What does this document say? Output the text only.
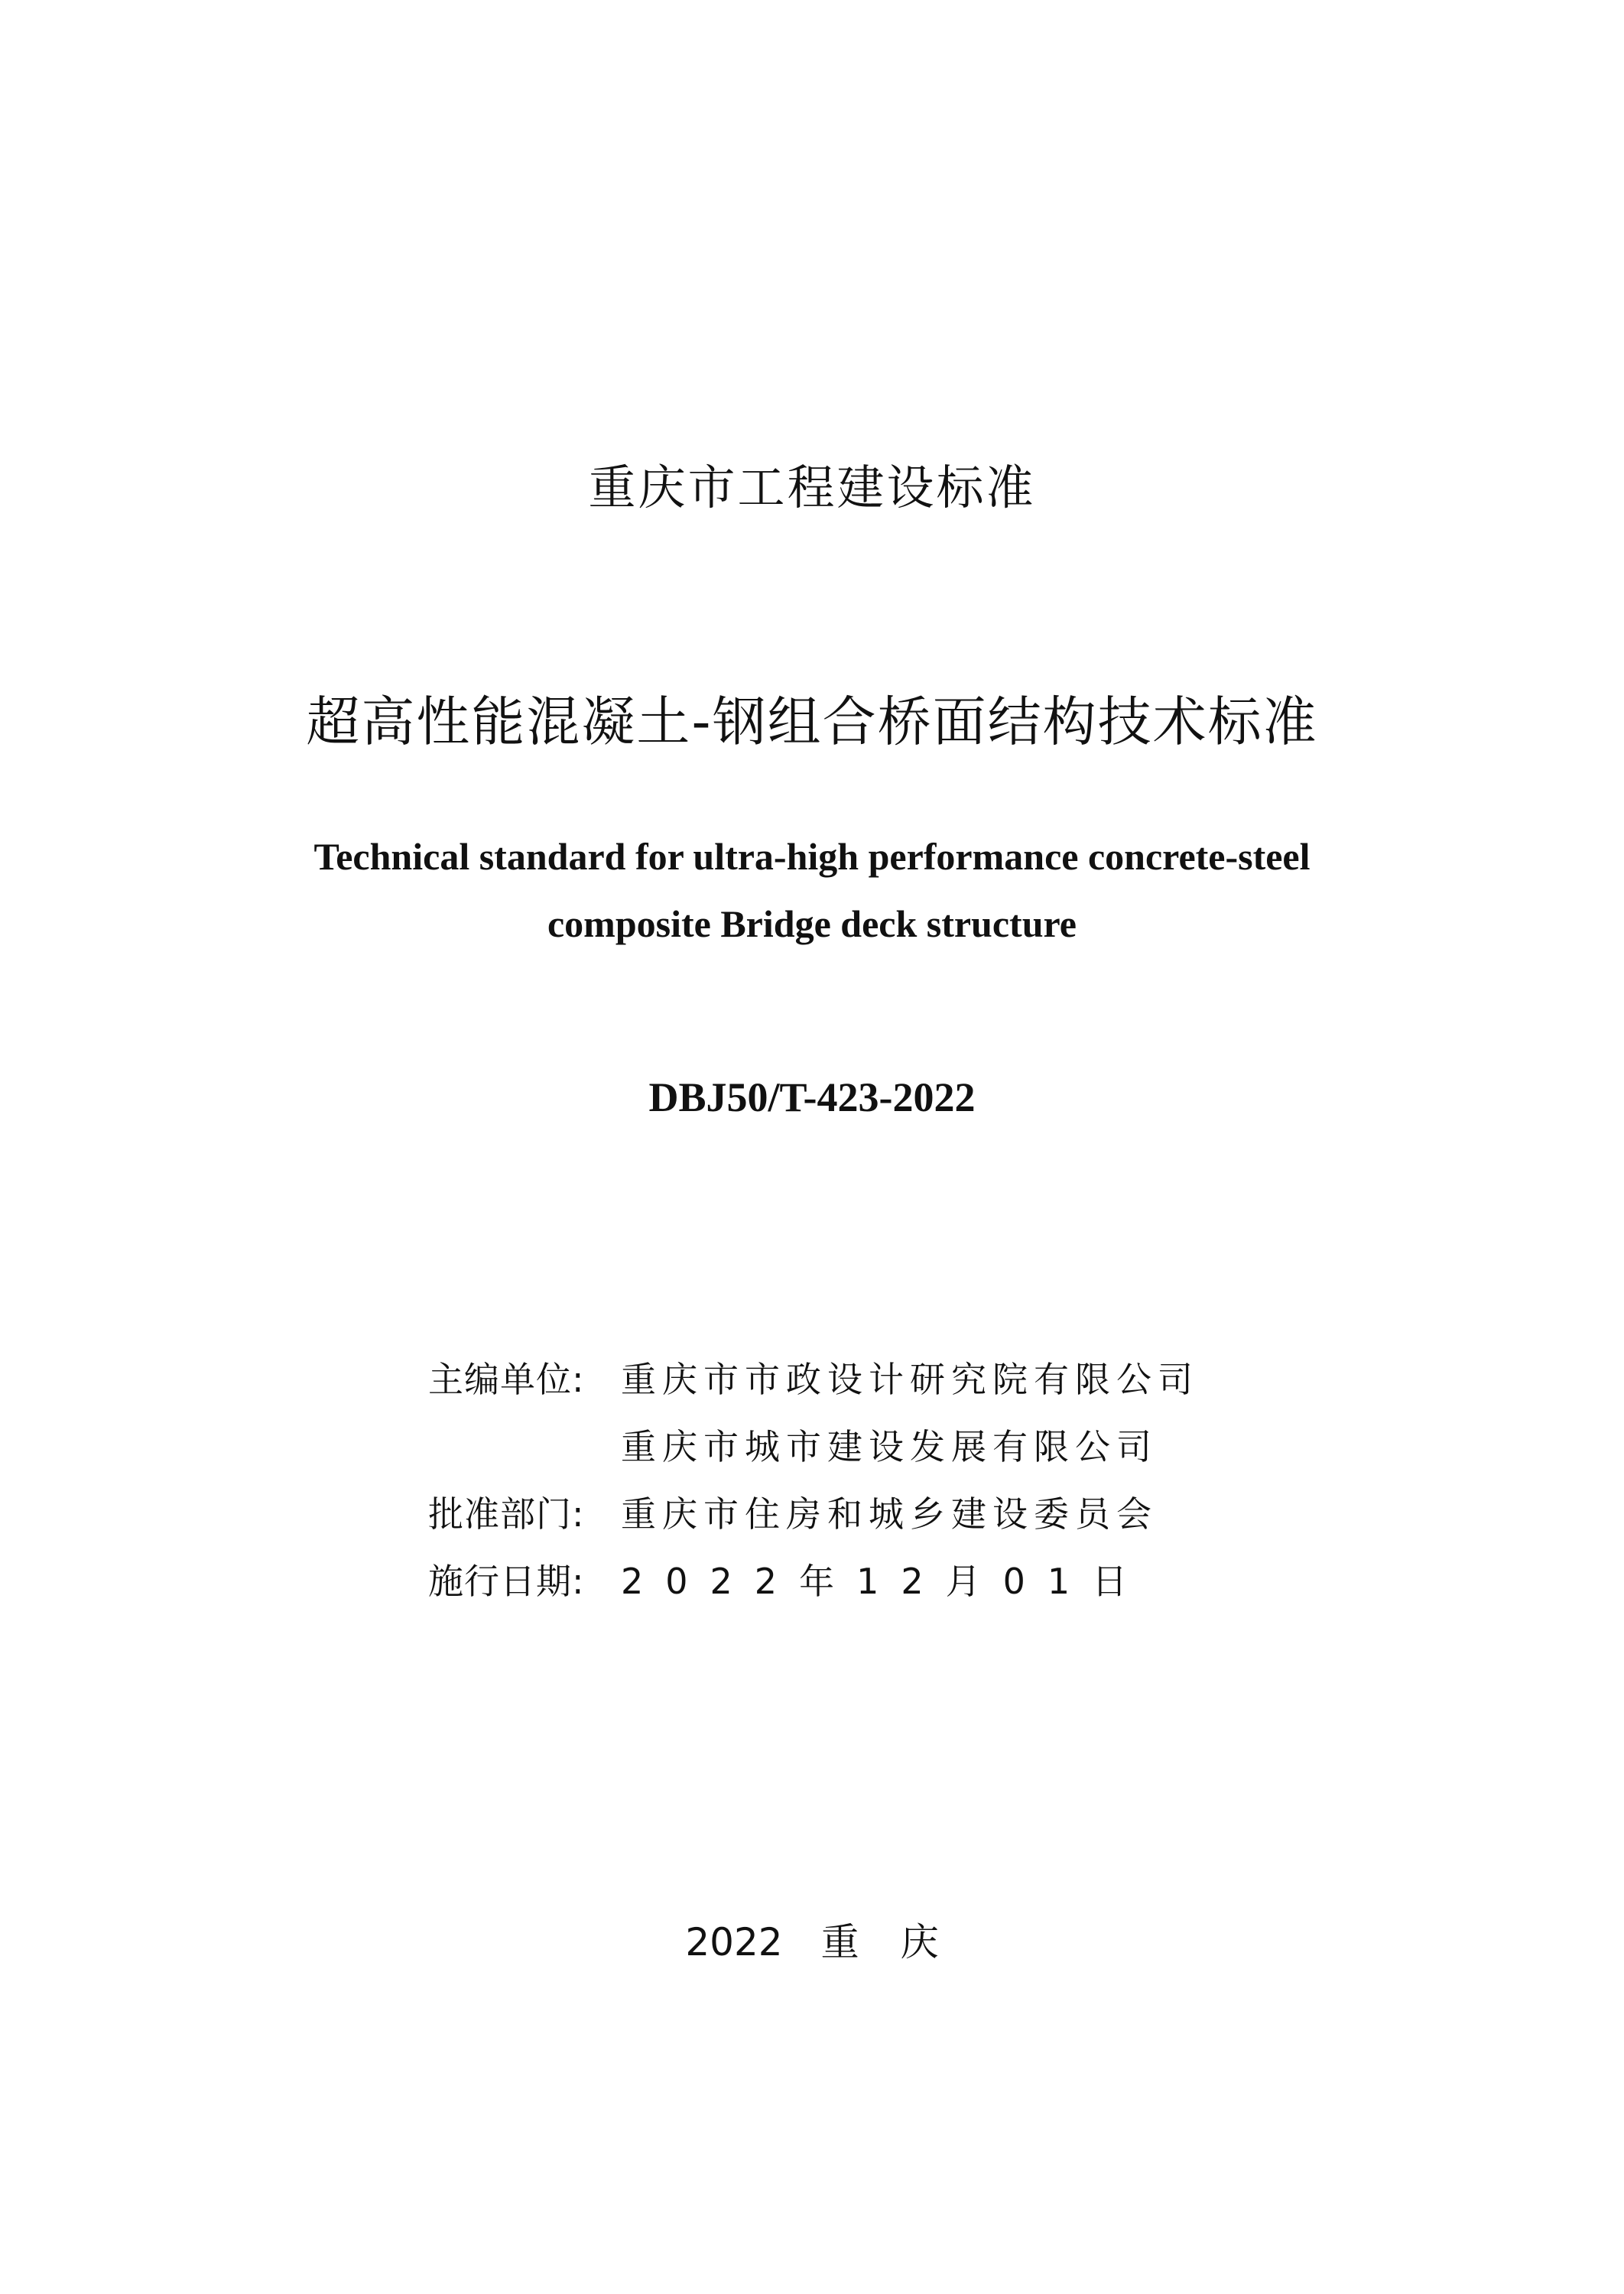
重庆市工程建设标准
超高性能混凝土-钢组合桥面结构技术标准
Technical standard for ultra-high performance concrete-steel
composite Bridge deck structure
DBJ50/T-423-2022
主编单位: 重庆市市政设计研究院有限公司
重庆市城市建设发展有限公司
批准部门: 重庆市住房和城乡建设委员会
施行日期: 2022年12月01日
2022 重 庆
